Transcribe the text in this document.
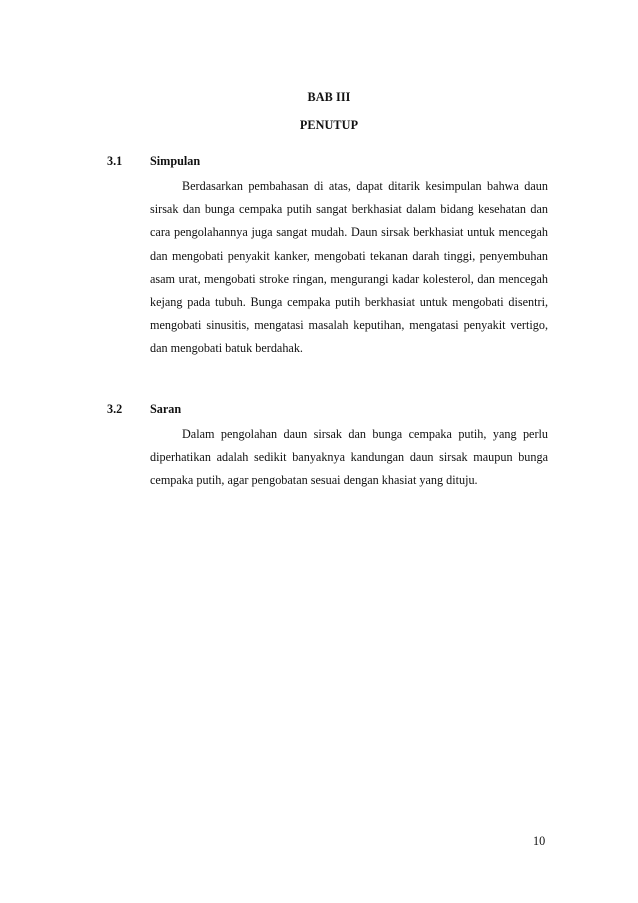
BAB III
PENUTUP
3.1 Simpulan

Berdasarkan pembahasan di atas, dapat ditarik kesimpulan bahwa daun sirsak dan bunga cempaka putih sangat berkhasiat dalam bidang kesehatan dan cara pengolahannya juga sangat mudah. Daun sirsak berkhasiat untuk mencegah dan mengobati penyakit kanker, mengobati tekanan darah tinggi, penyembuhan asam urat, mengobati stroke ringan, mengurangi kadar kolesterol, dan mencegah kejang pada tubuh. Bunga cempaka putih berkhasiat untuk mengobati disentri, mengobati sinusitis, mengatasi masalah keputihan, mengatasi penyakit vertigo, dan mengobati batuk berdahak.

3.2 Saran

Dalam pengolahan daun sirsak dan bunga cempaka putih, yang perlu diperhatikan adalah sedikit banyaknya kandungan daun sirsak maupun bunga cempaka putih, agar pengobatan sesuai dengan khasiat yang dituju.

10
